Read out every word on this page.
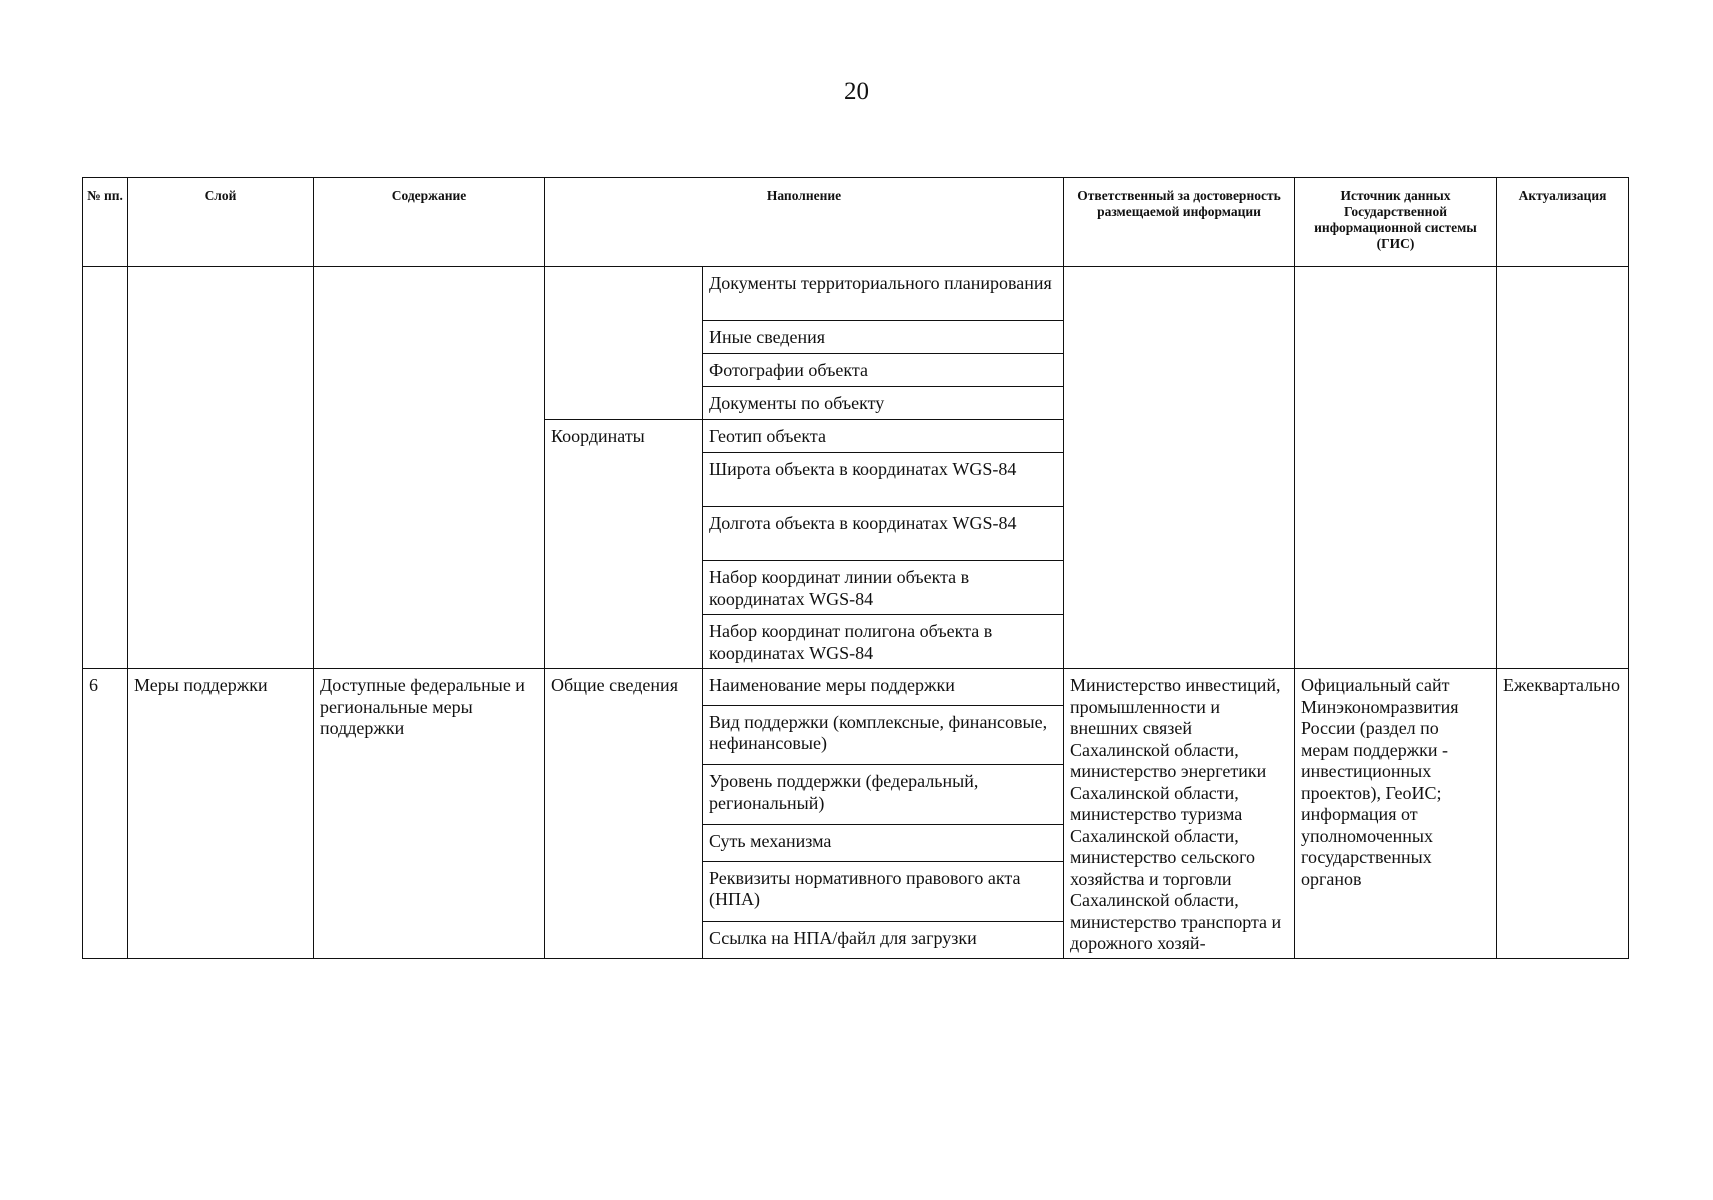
20
№ пп.	Слой	Содержание	Наполнение		Ответственный за достоверность размещаемой информации	Источник данных Государственной информационной системы (ГИС)	Актуализация
				Документы территориального планирования			
				Иные сведения			
				Фотографии объекта			
				Документы по объекту			
			Координаты	Геотип объекта			
				Широта объекта в координатах WGS-84			
				Долгота объекта в координатах WGS-84			
				Набор координат линии объекта в координатах WGS-84			
				Набор координат полигона объекта в координатах WGS-84			
6	Меры поддержки	Доступные федеральные и региональные меры поддержки	Общие сведения	Наименование меры поддержки	Министерство инвестиций, промышленности и внешних связей Сахалинской области, министерство энергетики Сахалинской области, министерство туризма Сахалинской области, министерство сельского хозяйства и торговли Сахалинской области, министерство транспорта и дорожного хозяй-	Официальный сайт Минэкономразвития России (раздел по мерам поддержки - инвестиционных проектов), ГеоИС; информация от уполномоченных государственных органов	Ежеквартально
				Вид поддержки (комплексные, финансовые, нефинансовые)			
				Уровень поддержки (федеральный, региональный)			
				Суть механизма			
				Реквизиты нормативного правового акта (НПА)			
				Ссылка на НПА/файл для загрузки			
